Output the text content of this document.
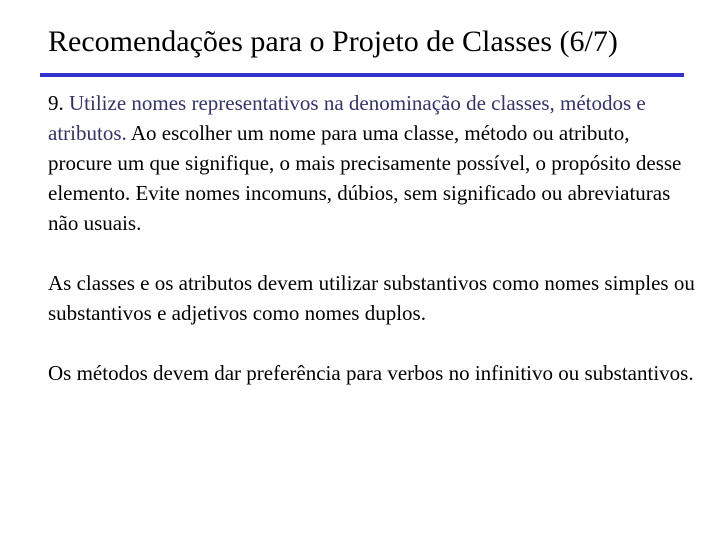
Recomendações para o Projeto de Classes (6/7)

9. Utilize nomes representativos na denominação de classes, métodos e atributos. Ao escolher um nome para uma classe, método ou atributo, procure um que signifique, o mais precisamente possível, o propósito desse elemento. Evite nomes incomuns, dúbios, sem significado ou abreviaturas não usuais.

As classes e os atributos devem utilizar substantivos como nomes simples ou substantivos e adjetivos como nomes duplos.

Os métodos devem dar preferência para verbos no infinitivo ou substantivos.
